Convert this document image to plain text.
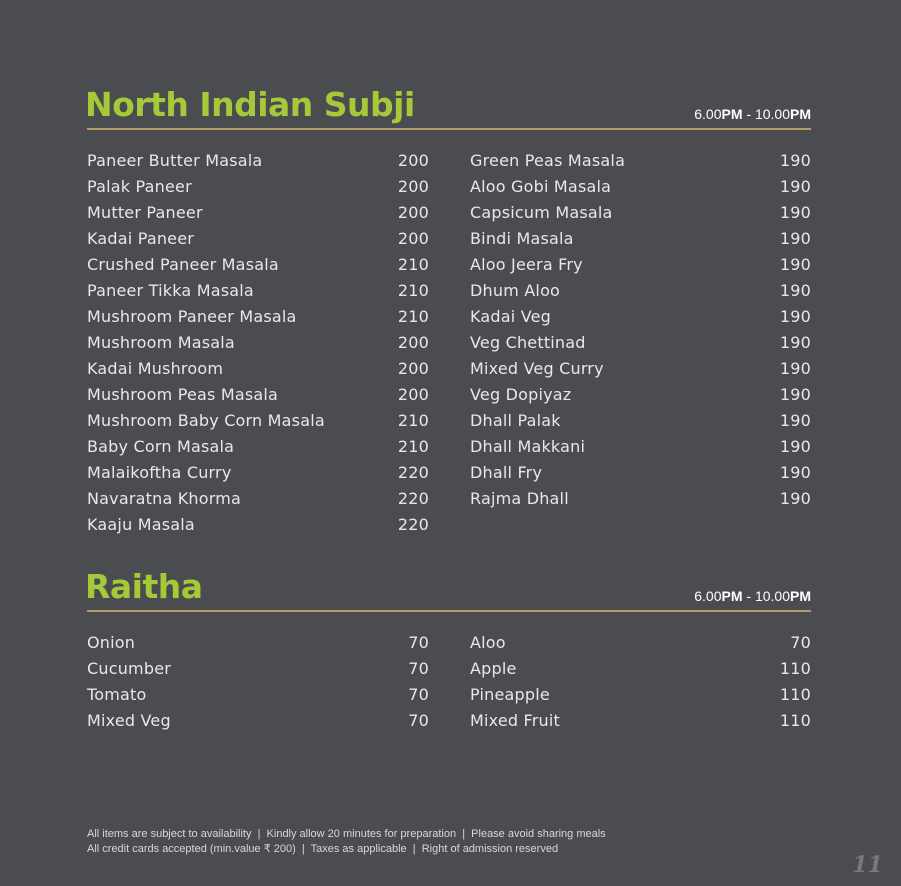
North Indian Subji	6.00PM - 10.00PM
Paneer Butter Masala	200
Palak Paneer	200
Mutter Paneer	200
Kadai Paneer	200
Crushed Paneer Masala	210
Paneer Tikka Masala	210
Mushroom Paneer Masala	210
Mushroom Masala	200
Kadai Mushroom	200
Mushroom Peas Masala	200
Mushroom Baby Corn Masala	210
Baby Corn Masala	210
Malaikoftha Curry	220
Navaratna Khorma	220
Kaaju Masala	220
Green Peas Masala	190
Aloo Gobi Masala	190
Capsicum Masala	190
Bindi Masala	190
Aloo Jeera Fry	190
Dhum Aloo	190
Kadai Veg	190
Veg Chettinad	190
Mixed Veg Curry	190
Veg Dopiyaz	190
Dhall Palak	190
Dhall Makkani	190
Dhall Fry	190
Rajma Dhall	190
Raitha	6.00PM - 10.00PM
Onion	70
Cucumber	70
Tomato	70
Mixed Veg	70
Aloo	70
Apple	110
Pineapple	110
Mixed Fruit	110
All items are subject to availability  |  Kindly allow 20 minutes for preparation  |  Please avoid sharing meals
All credit cards accepted (min.value ₹ 200)  |  Taxes as applicable  |  Right of admission reserved
11
